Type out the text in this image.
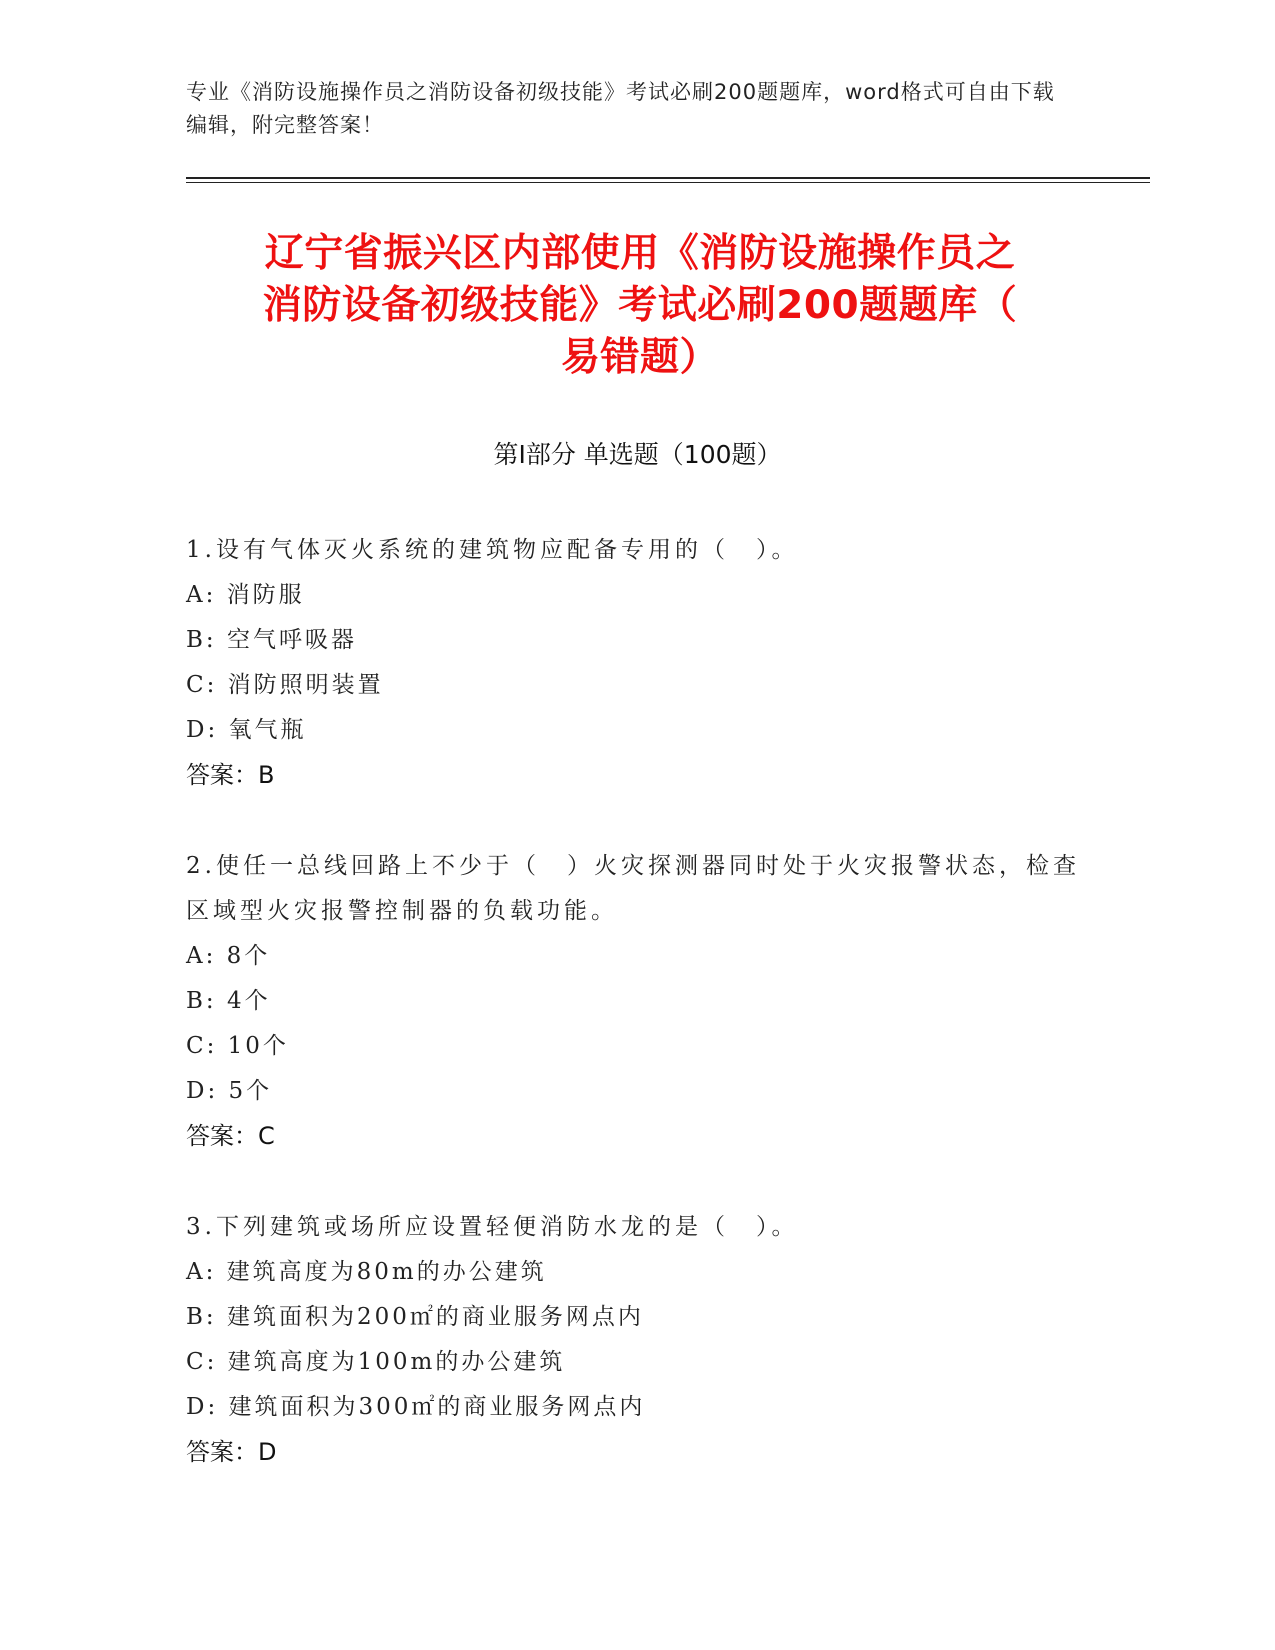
专业《消防设施操作员之消防设备初级技能》考试必刷200题题库，word格式可自由下载编辑，附完整答案！
辽宁省振兴区内部使用《消防设施操作员之
消防设备初级技能》考试必刷200题题库（
易错题）
第Ⅰ部分 单选题（100题）
1.设有气体灭火系统的建筑物应配备专用的（　）。
A: 消防服
B: 空气呼吸器
C: 消防照明装置
D: 氧气瓶
答案：B
2.使任一总线回路上不少于（　）火灾探测器同时处于火灾报警状态，检查区域型火灾报警控制器的负载功能。
A: 8个
B: 4个
C: 10个
D: 5个
答案：C
3.下列建筑或场所应设置轻便消防水龙的是（　）。
A: 建筑高度为80m的办公建筑
B: 建筑面积为200㎡的商业服务网点内
C: 建筑高度为100m的办公建筑
D: 建筑面积为300㎡的商业服务网点内
答案：D
